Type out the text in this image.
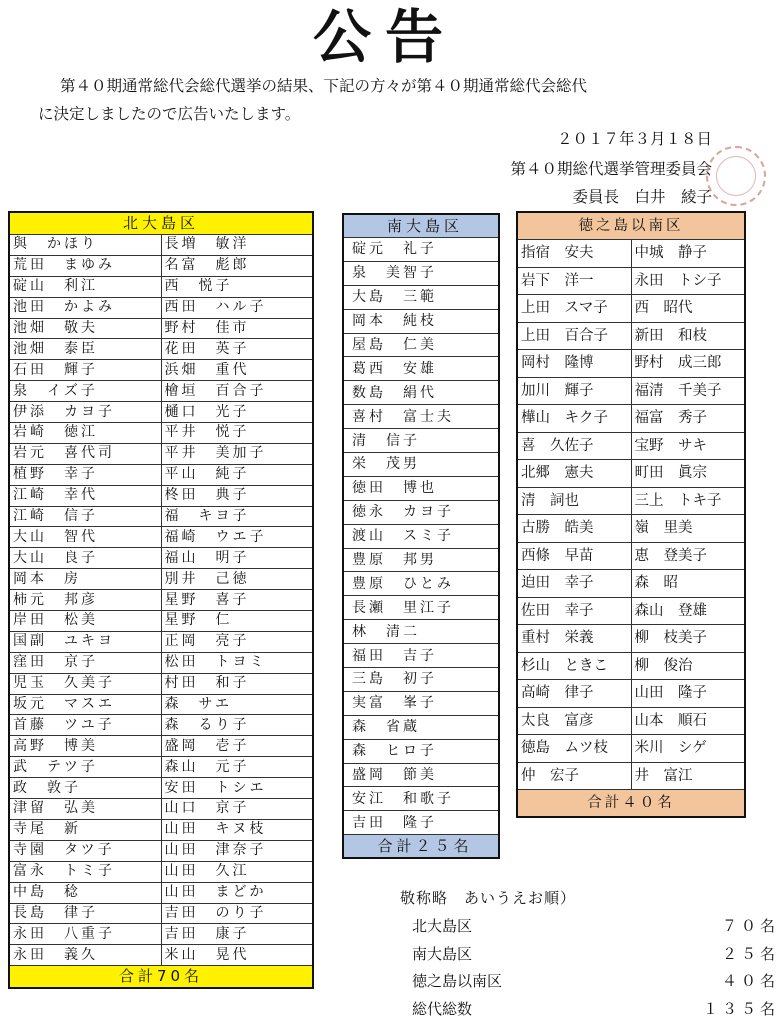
公告
第４０期通常総代会総代選挙の結果、下記の方々が第４０期通常総代会総代
に決定しましたので広告いたします。
２０１７年３月１８日
第４０期総代選挙管理委員会
委員長　白井　綾子
北大島区	
與　かほり	長増　敏洋
荒田　まゆみ	名富　彪郎
碇山　利江	西　悦子
池田　かよみ	西田　ハル子
池畑　敬夫	野村　佳市
池畑　泰臣	花田　英子
石田　輝子	浜畑　重代
泉　イズ子	檜垣　百合子
伊添　カヨ子	樋口　光子
岩崎　徳江	平井　悦子
岩元　喜代司	平井　美加子
植野　幸子	平山　純子
江崎　幸代	柊田　典子
江崎　信子	福　キヨ子
大山　智代	福崎　ウエ子
大山　良子	福山　明子
岡本　房	別井　己徳
柿元　邦彦	星野　喜子
岸田　松美	星野　仁
国副　ユキヨ	正岡　亮子
窪田　京子	松田　トヨミ
児玉　久美子	村田　和子
坂元　マスエ	森　サエ
首藤　ツユ子	森　るり子
高野　博美	盛岡　壱子
武　テツ子	森山　元子
政　敦子	安田　トシエ
津留　弘美	山口　京子
寺尾　新	山田　キヌ枝
寺園　タツ子	山田　津奈子
富永　トミ子	山田　久江
中島　稔	山田　まどか
長島　律子	吉田　のり子
永田　八重子	吉田　康子
永田　義久	米山　晃代
合計70名	
南大島区
碇元　礼子
泉　美智子
大島　三範
岡本　純枝
屋島　仁美
葛西　安雄
数島　絹代
喜村　富士夫
清　信子
栄　茂男
徳田　博也
徳永　カヨ子
渡山　スミ子
豊原　邦男
豊原　ひとみ
長瀬　里江子
林　清二
福田　吉子
三島　初子
実富　峯子
森　省蔵
森　ヒロ子
盛岡　節美
安江　和歌子
吉田　隆子
合計２５名
徳之島以南区	
指宿　安夫	中城　静子
岩下　洋一	永田　トシ子
上田　スマ子	西　昭代
上田　百合子	新田　和枝
岡村　隆博	野村　成三郎
加川　輝子	福清　千美子
樺山　キク子	福富　秀子
喜　久佐子	宝野　サキ
北郷　憲夫	町田　眞宗
清　詞也	三上　トキ子
古勝　皓美	嶺　里美
西條　早苗	恵　登美子
迫田　幸子	森　昭
佐田　幸子	森山　登雄
重村　栄義	柳　枝美子
杉山　ときこ	柳　俊治
高崎　律子	山田　隆子
太良　富彦	山本　順石
徳島　ムツ枝	米川　シゲ
仲　宏子	井　富江
合計４０名	
敬称略　あいうえお順）
北大島区	７０名
南大島区	２５名
徳之島以南区	４０名
総代総数	１３５名
